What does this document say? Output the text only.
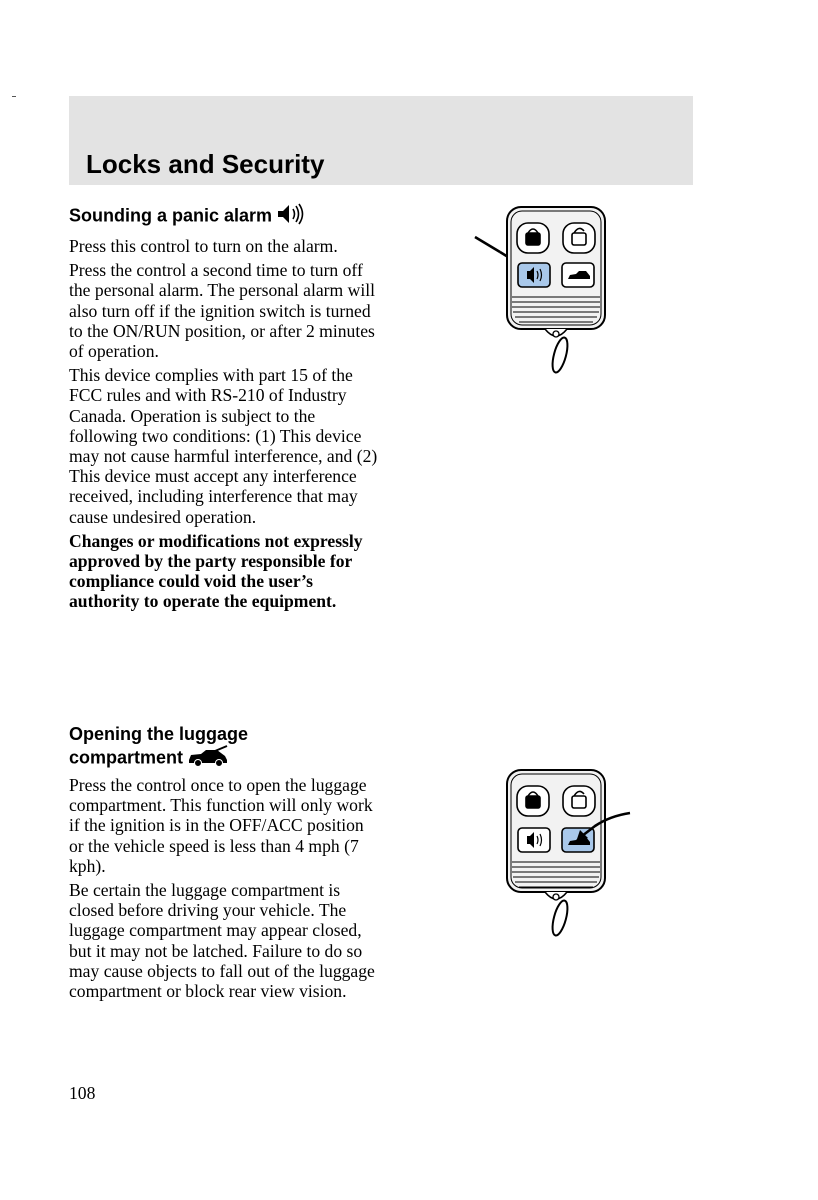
Locks and Security

Sounding a panic alarm

Press this control to turn on the alarm.

Press the control a second time to turn off the personal alarm. The personal alarm will also turn off if the ignition switch is turned to the ON/RUN position, or after 2 minutes of operation.

This device complies with part 15 of the FCC rules and with RS-210 of Industry Canada. Operation is subject to the following two conditions: (1) This device may not cause harmful interference, and (2) This device must accept any interference received, including interference that may cause undesired operation.

Changes or modifications not expressly approved by the party responsible for compliance could void the user’s authority to operate the equipment.

Opening the luggage

compartment

Press the control once to open the luggage compartment. This function will only work if the ignition is in the OFF/ACC position or the vehicle speed is less than 4 mph (7 kph).

Be certain the luggage compartment is closed before driving your vehicle. The luggage compartment may appear closed, but it may not be latched. Failure to do so may cause objects to fall out of the luggage compartment or block rear view vision.

108
